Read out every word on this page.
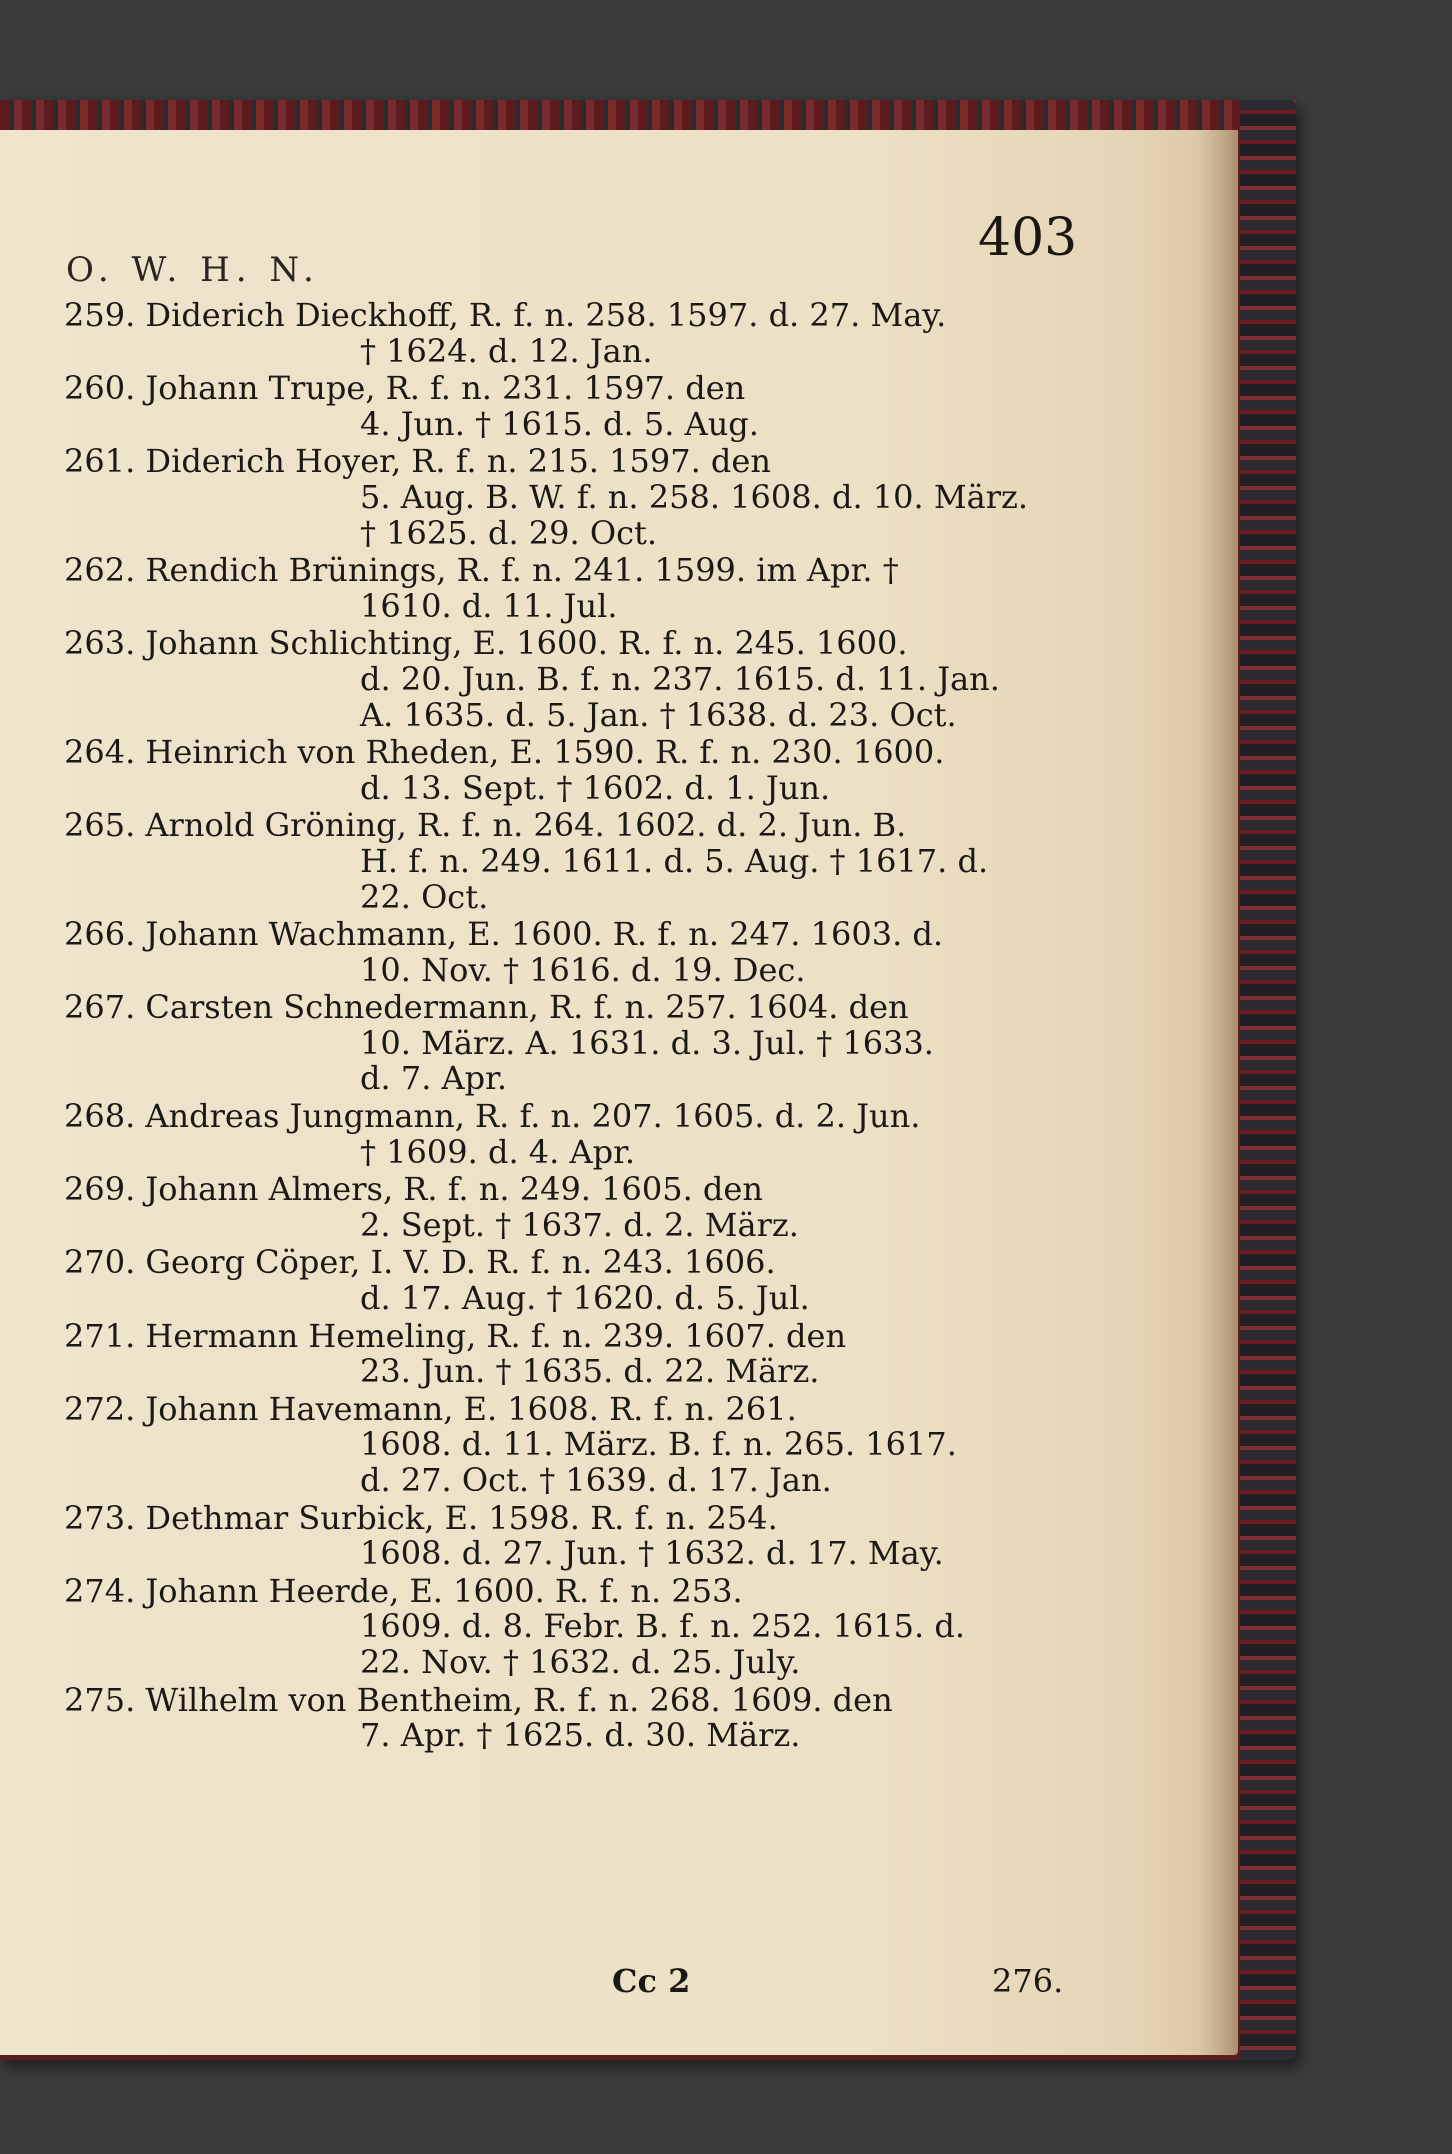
O. W. H. N.
403
259. Diderich Dieckhoff, R. f. n. 258. 1597. d. 27. May.
† 1624. d. 12. Jan.
260. Johann Trupe, R. f. n. 231. 1597. den
4. Jun. † 1615. d. 5. Aug.
261. Diderich Hoyer, R. f. n. 215. 1597. den
5. Aug. B. W. f. n. 258. 1608. d. 10. März.
† 1625. d. 29. Oct.
262. Rendich Brünings, R. f. n. 241. 1599. im Apr. †
1610. d. 11. Jul.
263. Johann Schlichting, E. 1600. R. f. n. 245. 1600.
d. 20. Jun. B. f. n. 237. 1615. d. 11. Jan.
A. 1635. d. 5. Jan. † 1638. d. 23. Oct.
264. Heinrich von Rheden, E. 1590. R. f. n. 230. 1600.
d. 13. Sept. † 1602. d. 1. Jun.
265. Arnold Gröning, R. f. n. 264. 1602. d. 2. Jun. B.
H. f. n. 249. 1611. d. 5. Aug. † 1617. d.
22. Oct.
266. Johann Wachmann, E. 1600. R. f. n. 247. 1603. d.
10. Nov. † 1616. d. 19. Dec.
267. Carsten Schnedermann, R. f. n. 257. 1604. den
10. März. A. 1631. d. 3. Jul. † 1633.
d. 7. Apr.
268. Andreas Jungmann, R. f. n. 207. 1605. d. 2. Jun.
† 1609. d. 4. Apr.
269. Johann Almers, R. f. n. 249. 1605. den
2. Sept. † 1637. d. 2. März.
270. Georg Cöper, I. V. D. R. f. n. 243. 1606.
d. 17. Aug. † 1620. d. 5. Jul.
271. Hermann Hemeling, R. f. n. 239. 1607. den
23. Jun. † 1635. d. 22. März.
272. Johann Havemann, E. 1608. R. f. n. 261.
1608. d. 11. März. B. f. n. 265. 1617.
d. 27. Oct. † 1639. d. 17. Jan.
273. Dethmar Surbick, E. 1598. R. f. n. 254.
1608. d. 27. Jun. † 1632. d. 17. May.
274. Johann Heerde, E. 1600. R. f. n. 253.
1609. d. 8. Febr. B. f. n. 252. 1615. d.
22. Nov. † 1632. d. 25. July.
275. Wilhelm von Bentheim, R. f. n. 268. 1609. den
7. Apr. † 1625. d. 30. März.
Cc 2	276.
